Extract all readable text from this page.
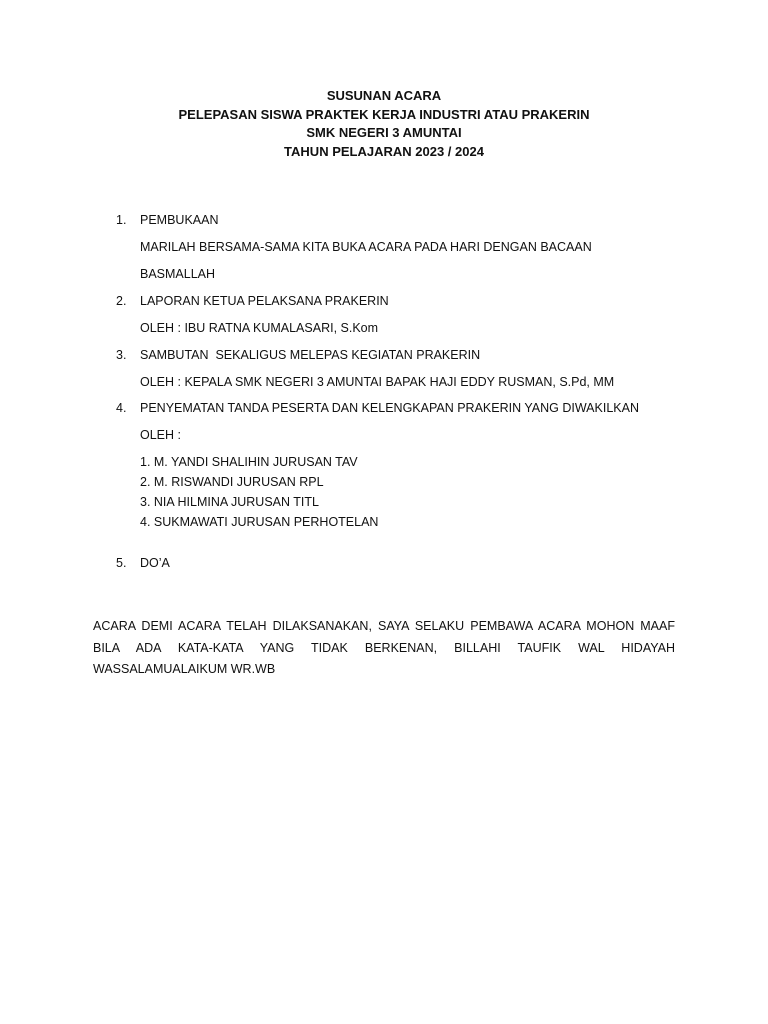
SUSUNAN ACARA
PELEPASAN SISWA PRAKTEK KERJA INDUSTRI ATAU PRAKERIN
SMK NEGERI 3 AMUNTAI
TAHUN PELAJARAN 2023 / 2024
1.	PEMBUKAAN
MARILAH BERSAMA-SAMA KITA BUKA ACARA PADA HARI DENGAN BACAAN
BASMALLAH
2.	LAPORAN KETUA PELAKSANA PRAKERIN
OLEH : IBU RATNA KUMALASARI, S.Kom
3.	SAMBUTAN  SEKALIGUS MELEPAS KEGIATAN PRAKERIN
OLEH : KEPALA SMK NEGERI 3 AMUNTAI BAPAK HAJI EDDY RUSMAN, S.Pd, MM
4.	PENYEMATAN TANDA PESERTA DAN KELENGKAPAN PRAKERIN YANG DIWAKILKAN
OLEH :
1. M. YANDI SHALIHIN JURUSAN TAV
2. M. RISWANDI JURUSAN RPL
3. NIA HILMINA JURUSAN TITL
4. SUKMAWATI JURUSAN PERHOTELAN
5.	DO’A
ACARA DEMI ACARA TELAH DILAKSANAKAN, SAYA SELAKU PEMBAWA ACARA MOHON MAAF BILA ADA KATA-KATA YANG TIDAK BERKENAN, BILLAHI TAUFIK WAL HIDAYAH WASSALAMUALAIKUM WR.WB
